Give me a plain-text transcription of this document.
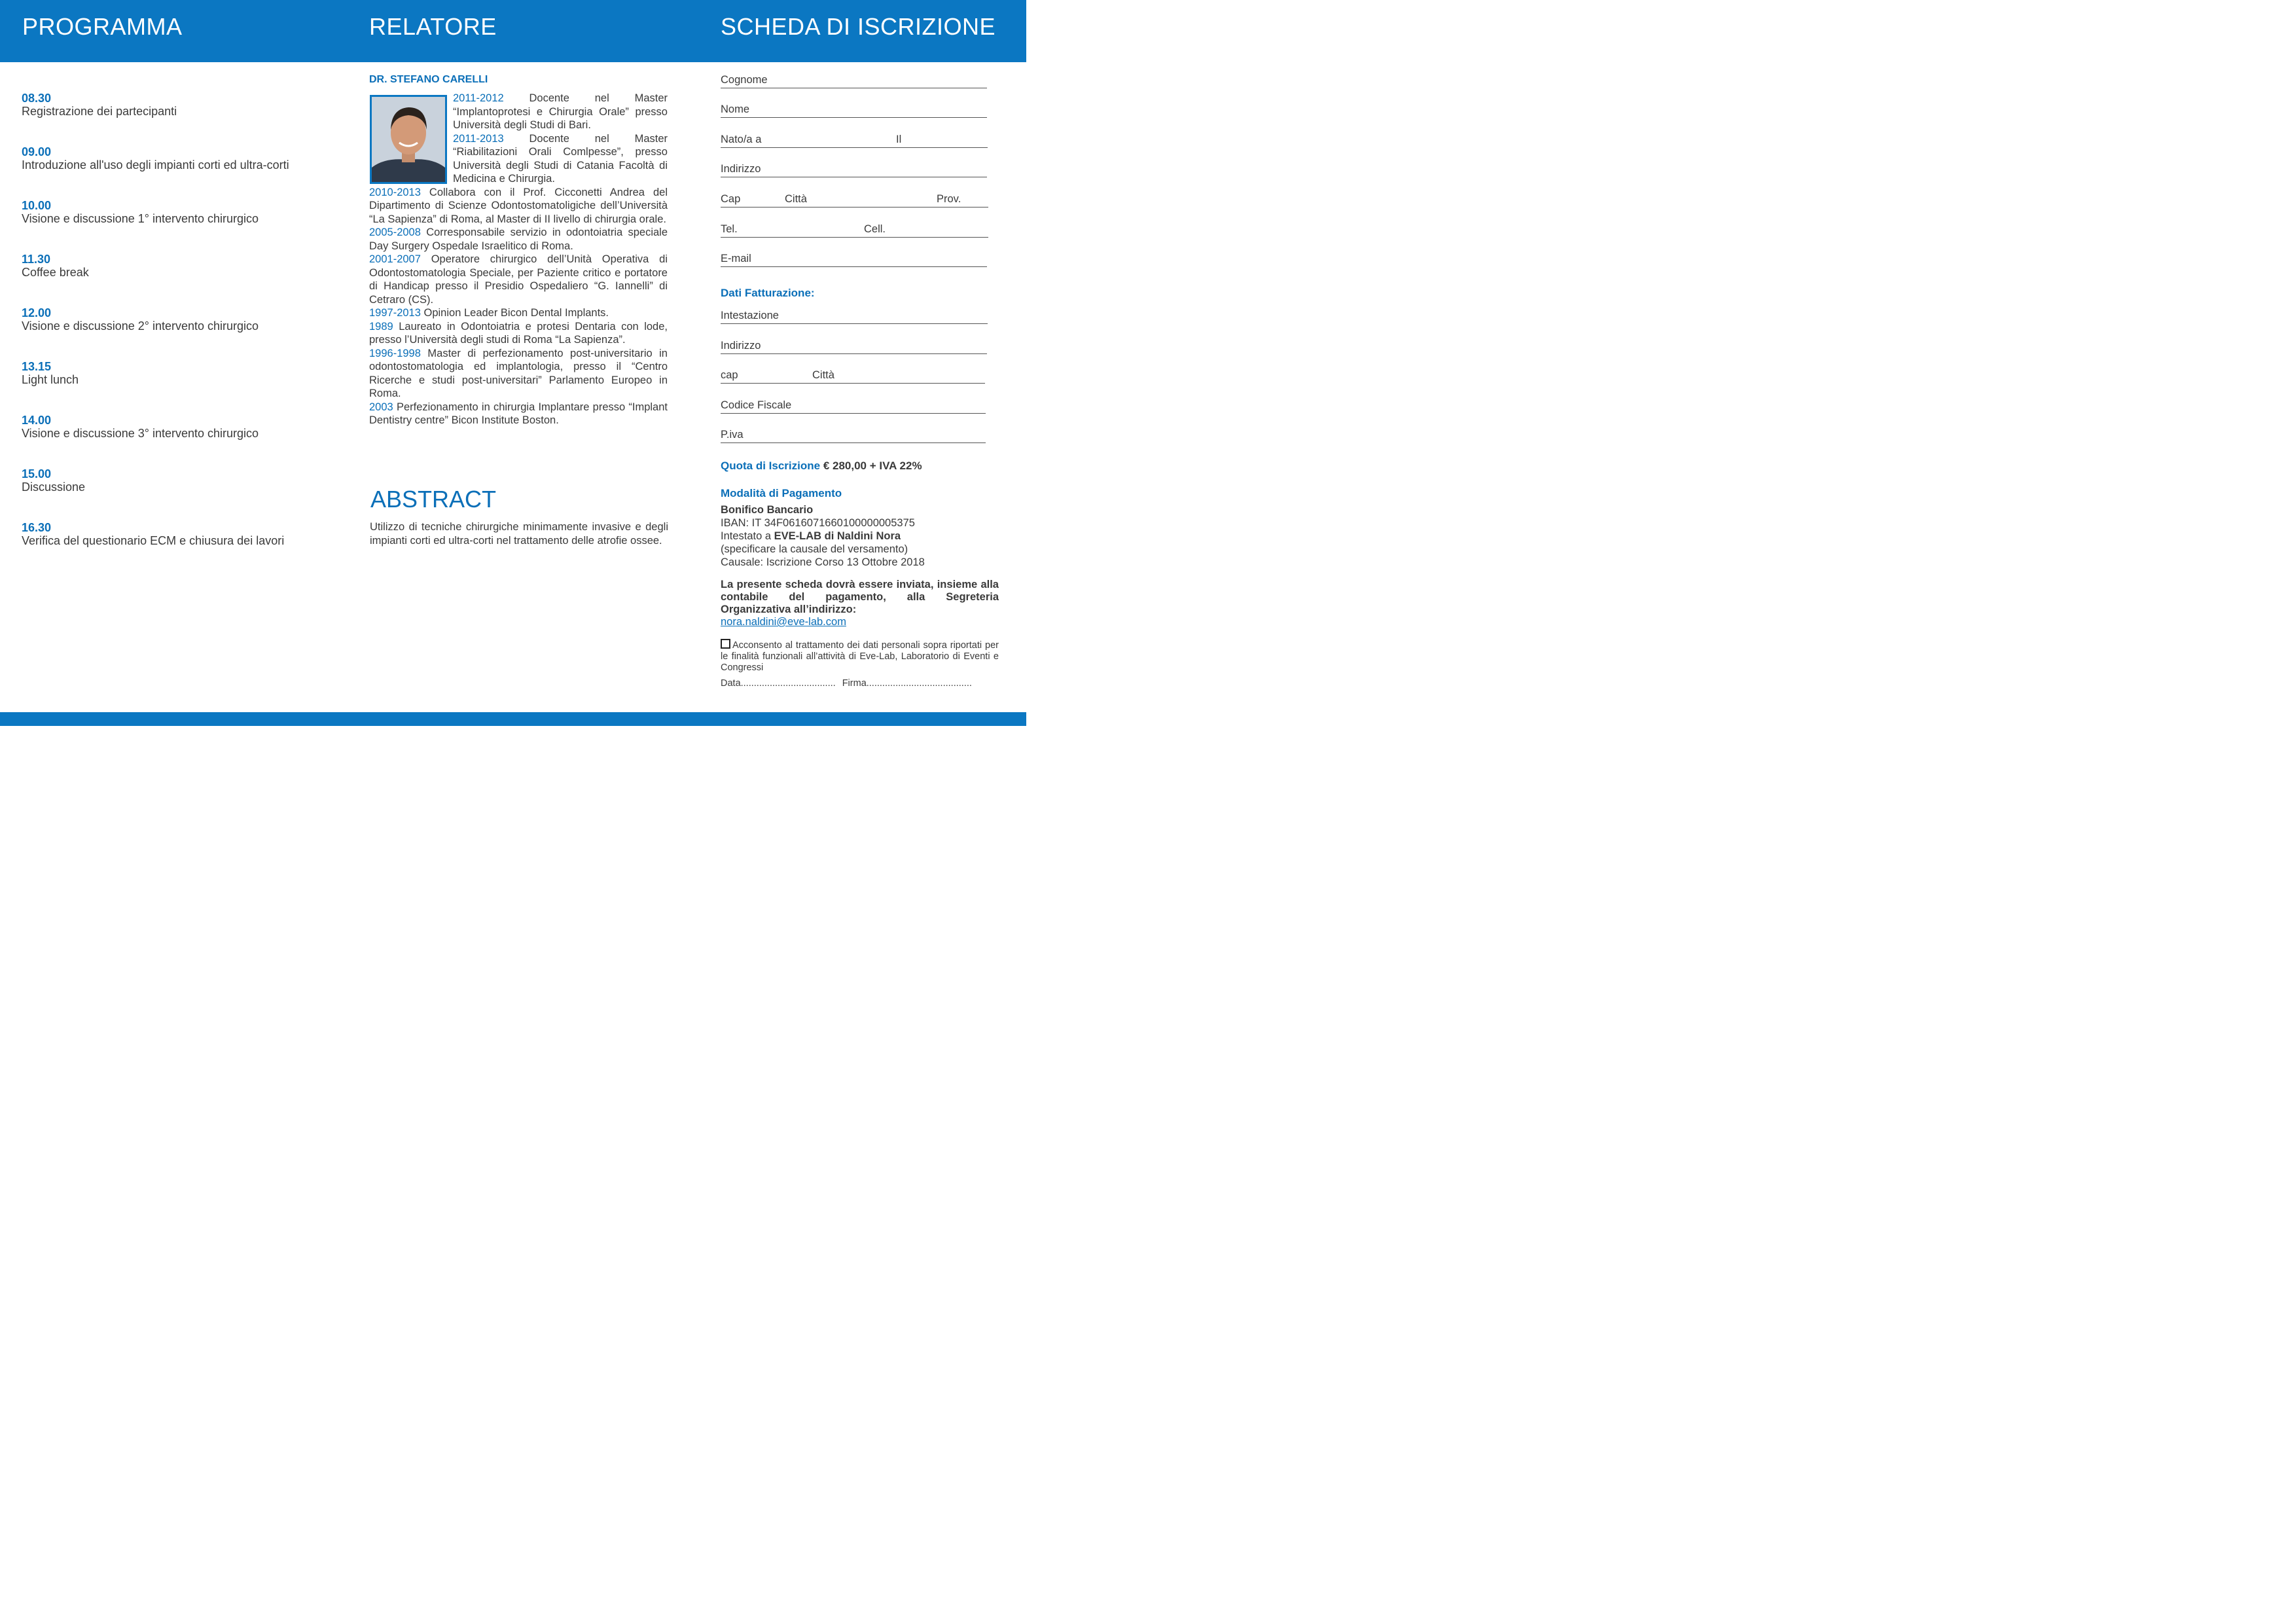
PROGRAMMA	RELATORE	SCHEDA DI ISCRIZIONE
08.30
Registrazione dei partecipanti
09.00
Introduzione all'uso degli impianti corti ed ultra-corti
10.00
Visione e discussione 1° intervento chirurgico
11.30
Coffee break
12.00
Visione e discussione 2° intervento chirurgico
13.15
Light lunch
14.00
Visione e discussione 3° intervento chirurgico
15.00
Discussione
16.30
Verifica del questionario ECM e chiusura dei lavori
DR. STEFANO CARELLI

2011-2012 Docente nel Master “Implantoprotesi e Chirurgia Orale” presso Università degli Studi di Bari.

2011-2013 Docente nel Master “Riabilitazioni Orali Comlpesse”, presso Università degli Studi di Catania Facoltà di Medicina e Chirurgia.

2010-2013 Collabora con il Prof. Cicconetti Andrea del Dipartimento di Scienze Odontostomatoligiche dell’Università “La Sapienza” di Roma, al Master di II livello di chirurgia orale.

2005-2008 Corresponsabile servizio in odontoiatria speciale Day Surgery Ospedale Israelitico di Roma.

2001-2007 Operatore chirurgico dell’Unità Operativa di Odontostomatologia Speciale, per Paziente critico e portatore di Handicap presso il Presidio Ospedaliero “G. Iannelli” di Cetraro (CS).

1997-2013 Opinion Leader Bicon Dental Implants.

1989 Laureato in Odontoiatria e protesi Dentaria con lode, presso l’Università degli studi di Roma “La Sapienza”.

1996-1998 Master di perfezionamento post-universitario in odontostomatologia ed implantologia, presso il “Centro Ricerche e studi post-universitari” Parlamento Europeo in Roma.

2003 Perfezionamento in chirurgia Implantare presso “Implant Dentistry centre” Bicon Institute Boston.

ABSTRACT

Utilizzo di tecniche chirurgiche minimamente invasive e degli impianti corti ed ultra-corti nel trattamento delle atrofie ossee.

Cognome
Nome
Nato/a a	Il
Indirizzo
Cap	Città	Prov.
Tel.	Cell.
E-mail
Dati Fatturazione:
Intestazione
Indirizzo
cap	Città
Codice Fiscale
P.iva
Quota di Iscrizione € 280,00 + IVA 22%
Modalità di Pagamento
Bonifico Bancario
IBAN: IT 34F0616071660100000005375
Intestato a EVE-LAB di Naldini Nora
(specificare la causale del versamento)
Causale: Iscrizione Corso 13 Ottobre 2018
La presente scheda dovrà essere inviata, insieme alla contabile del pagamento, alla Segreteria Organizzativa all’indirizzo:
nora.naldini@eve-lab.com
Acconsento al trattamento dei dati personali sopra riportati per le finalità funzionali all’attività di Eve-Lab, Laboratorio di Eventi e Congressi
Data.................................... Firma........................................
